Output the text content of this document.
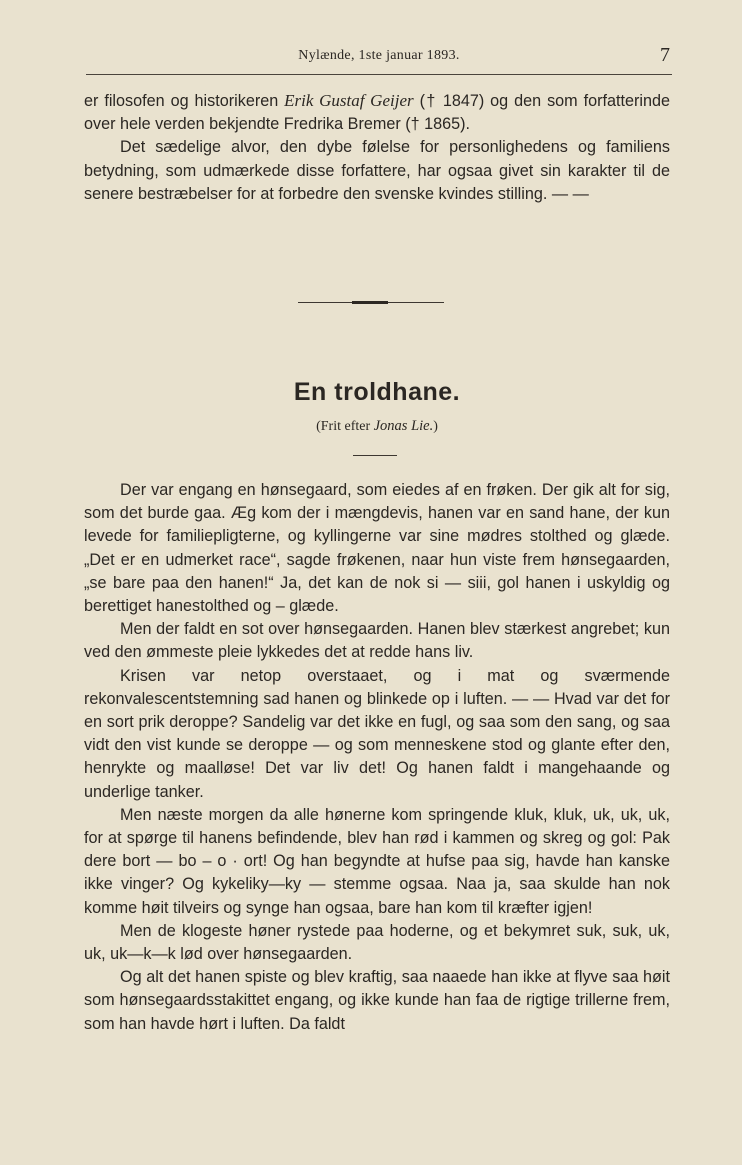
Nylænde, 1ste januar 1893.	7

er filosofen og historikeren Erik Gustaf Geijer († 1847) og den som forfatterinde over hele verden bekjendte Fredrika Bremer († 1865).

Det sædelige alvor, den dybe følelse for personlighedens og familiens betydning, som udmærkede disse forfattere, har ogsaa givet sin karakter til de senere bestræbelser for at forbedre den svenske kvindes stilling. — —

En troldhane.
(Frit efter Jonas Lie.)

Der var engang en hønsegaard, som eiedes af en frøken. Der gik alt for sig, som det burde gaa. Æg kom der i mængdevis, hanen var en sand hane, der kun levede for familiepligterne, og kyllingerne var sine mødres stolthed og glæde. „Det er en udmerket race“, sagde frøkenen, naar hun viste frem hønsegaarden, „se bare paa den hanen!“ Ja, det kan de nok si — siii, gol hanen i uskyldig og berettiget hanestolthed og – glæde.

Men der faldt en sot over hønsegaarden. Hanen blev stærkest angrebet; kun ved den ømmeste pleie lykkedes det at redde hans liv.

Krisen var netop overstaaet, og i mat og sværmende rekonvalescentstemning sad hanen og blinkede op i luften. — — Hvad var det for en sort prik deroppe? Sandelig var det ikke en fugl, og saa som den sang, og saa vidt den vist kunde se deroppe — og som menneskene stod og glante efter den, henrykte og maalløse! Det var liv det! Og hanen faldt i mangehaande og underlige tanker.

Men næste morgen da alle hønerne kom springende kluk, kluk, uk, uk, uk, for at spørge til hanens befindende, blev han rød i kammen og skreg og gol: Pak dere bort — bo – o · ort! Og han begyndte at hufse paa sig, havde han kanske ikke vinger? Og kykeliky—ky — stemme ogsaa. Naa ja, saa skulde han nok komme høit tilveirs og synge han ogsaa, bare han kom til kræfter igjen!

Men de klogeste høner rystede paa hoderne, og et bekymret suk, suk, uk, uk, uk—k—k lød over hønsegaarden.

Og alt det hanen spiste og blev kraftig, saa naaede han ikke at flyve saa høit som hønsegaardsstakittet engang, og ikke kunde han faa de rigtige trillerne frem, som han havde hørt i luften. Da faldt
